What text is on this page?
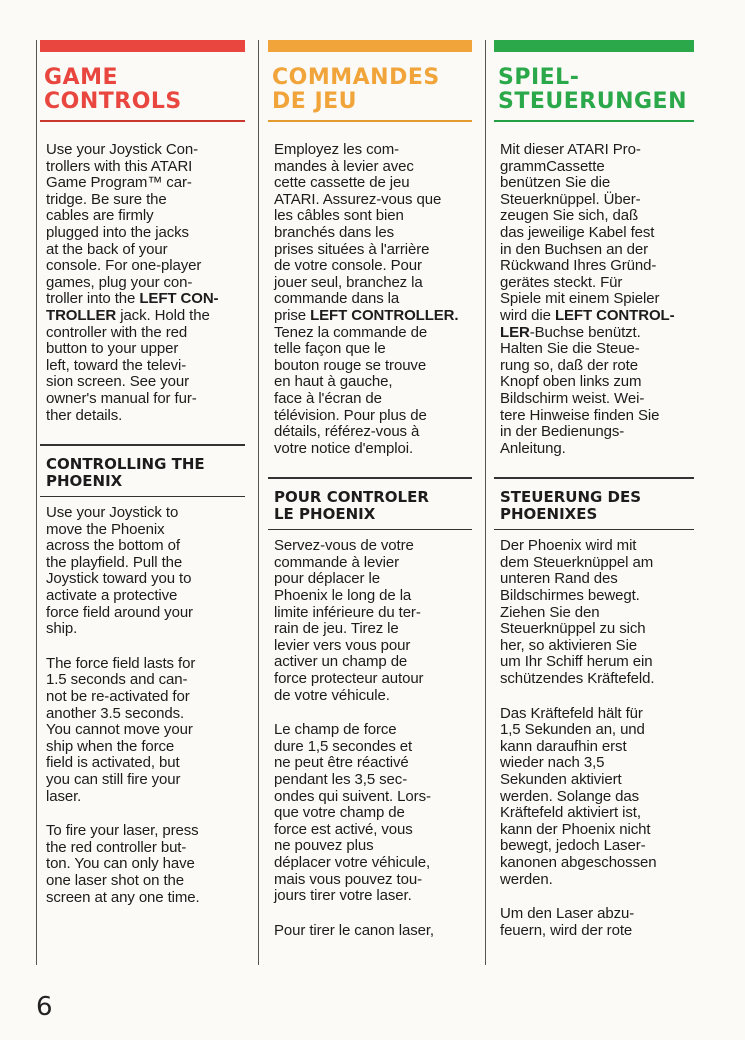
GAME
CONTROLS
Use your Joystick Con-
trollers with this ATARI
Game Program™ car-
tridge. Be sure the
cables are firmly
plugged into the jacks
at the back of your
console. For one-player
games, plug your con-
troller into the LEFT CON-
TROLLER jack. Hold the
controller with the red
button to your upper
left, toward the televi-
sion screen. See your
owner's manual for fur-
ther details.
CONTROLLING THE
PHOENIX
Use your Joystick to
move the Phoenix
across the bottom of
the playfield. Pull the
Joystick toward you to
activate a protective
force field around your
ship.
The force field lasts for
1.5 seconds and can-
not be re-activated for
another 3.5 seconds.
You cannot move your
ship when the force
field is activated, but
you can still fire your
laser.
To fire your laser, press
the red controller but-
ton. You can only have
one laser shot on the
screen at any one time.
COMMANDES
DE JEU
Employez les com-
mandes à levier avec
cette cassette de jeu
ATARI. Assurez-vous que
les câbles sont bien
branchés dans les
prises situées à l'arrière
de votre console. Pour
jouer seul, branchez la
commande dans la
prise LEFT CONTROLLER.
Tenez la commande de
telle façon que le
bouton rouge se trouve
en haut à gauche,
face à l'écran de
télévision. Pour plus de
détails, référez-vous à
votre notice d'emploi.
POUR CONTROLER
LE PHOENIX
Servez-vous de votre
commande à levier
pour déplacer le
Phoenix le long de la
limite inférieure du ter-
rain de jeu. Tirez le
levier vers vous pour
activer un champ de
force protecteur autour
de votre véhicule.
Le champ de force
dure 1,5 secondes et
ne peut être réactivé
pendant les 3,5 sec-
ondes qui suivent. Lors-
que votre champ de
force est activé, vous
ne pouvez plus
déplacer votre véhicule,
mais vous pouvez tou-
jours tirer votre laser.
Pour tirer le canon laser,
SPIEL-
STEUERUNGEN
Mit dieser ATARI Pro-
grammCassette
benützen Sie die
Steuerknüppel. Über-
zeugen Sie sich, daß
das jeweilige Kabel fest
in den Buchsen an der
Rückwand Ihres Gründ-
gerätes steckt. Für
Spiele mit einem Spieler
wird die LEFT CONTROL-
LER-Buchse benützt.
Halten Sie die Steue-
rung so, daß der rote
Knopf oben links zum
Bildschirm weist. Wei-
tere Hinweise finden Sie
in der Bedienungs-
Anleitung.
STEUERUNG DES
PHOENIXES
Der Phoenix wird mit
dem Steuerknüppel am
unteren Rand des
Bildschirmes bewegt.
Ziehen Sie den
Steuerknüppel zu sich
her, so aktivieren Sie
um Ihr Schiff herum ein
schützendes Kräftefeld.
Das Kräftefeld hält für
1,5 Sekunden an, und
kann daraufhin erst
wieder nach 3,5
Sekunden aktiviert
werden. Solange das
Kräftefeld aktiviert ist,
kann der Phoenix nicht
bewegt, jedoch Laser-
kanonen abgeschossen
werden.
Um den Laser abzu-
feuern, wird der rote
6
